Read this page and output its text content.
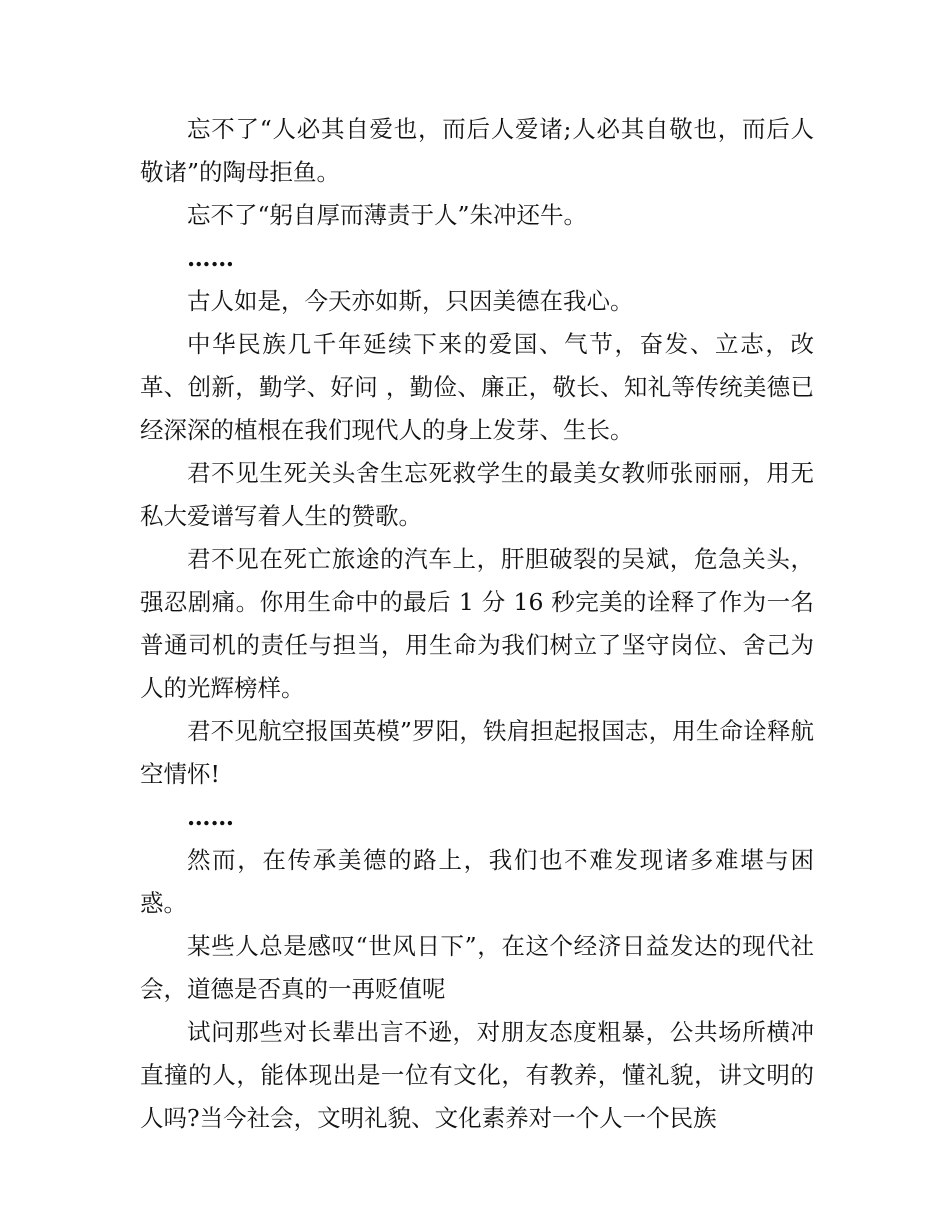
忘不了“人必其自爱也，而后人爱诸;人必其自敬也，而后人敬诸”的陶母拒鱼。

忘不了“躬自厚而薄责于人”朱冲还牛。

……

古人如是，今天亦如斯，只因美德在我心。

中华民族几千年延续下来的爱国、气节，奋发、立志，改革、创新，勤学、好问 ，勤俭、廉正，敬长、知礼等传统美德已经深深的植根在我们现代人的身上发芽、生长。

君不见生死关头舍生忘死救学生的最美女教师张丽丽，用无私大爱谱写着人生的赞歌。

君不见在死亡旅途的汽车上，肝胆破裂的吴斌，危急关头，强忍剧痛。你用生命中的最后 1 分 16 秒完美的诠释了作为一名普通司机的责任与担当，用生命为我们树立了坚守岗位、舍己为人的光辉榜样。

君不见航空报国英模”罗阳，铁肩担起报国志，用生命诠释航空情怀!

……

然而，在传承美德的路上，我们也不难发现诸多难堪与困惑。

某些人总是感叹“世风日下”，在这个经济日益发达的现代社会，道德是否真的一再贬值呢

试问那些对长辈出言不逊，对朋友态度粗暴，公共场所横冲直撞的人，能体现出是一位有文化，有教养，懂礼貌，讲文明的人吗?当今社会，文明礼貌、文化素养对一个人一个民族
